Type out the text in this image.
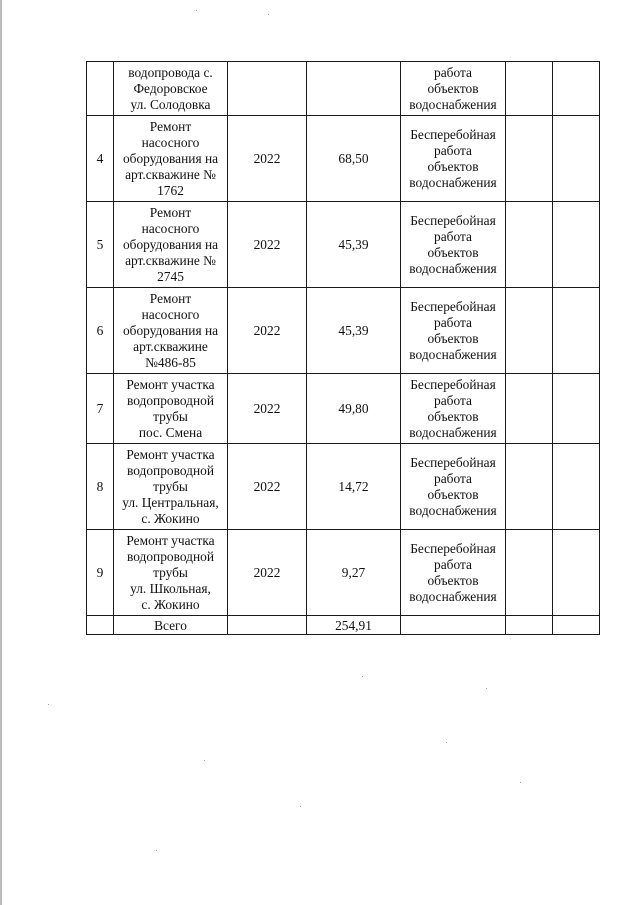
	водопровода с.
Федоровское
ул. Солодовка			работа
объектов
водоснабжения		
4	Ремонт
насосного
оборудования на
арт.скважине №
1762	2022	68,50	Бесперебойная
работа
объектов
водоснабжения		
5	Ремонт
насосного
оборудования на
арт.скважине №
2745	2022	45,39	Бесперебойная
работа
объектов
водоснабжения		
6	Ремонт
насосного
оборудования на
арт.скважине
№486-85	2022	45,39	Бесперебойная
работа
объектов
водоснабжения		
7	Ремонт участка
водопроводной
трубы
пос. Смена	2022	49,80	Бесперебойная
работа
объектов
водоснабжения		
8	Ремонт участка
водопроводной
трубы
ул. Центральная,
с. Жокино	2022	14,72	Бесперебойная
работа
объектов
водоснабжения		
9	Ремонт участка
водопроводной
трубы
ул. Школьная,
с. Жокино	2022	9,27	Бесперебойная
работа
объектов
водоснабжения		
	Всего		254,91			
